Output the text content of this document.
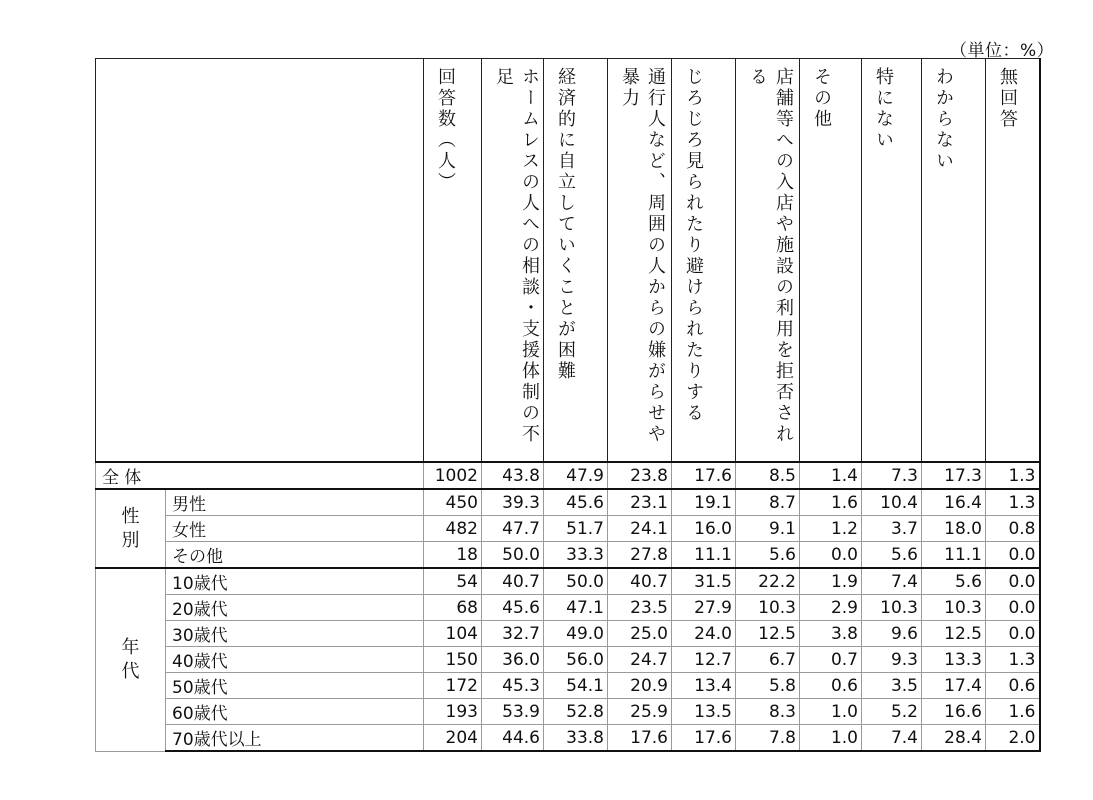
（単位：%）
		回答数（人）	ホームレスの人への相談・支援体制の不足	経済的に自立していくことが困難	通行人など、周囲の人からの嫌がらせや暴力	じろじろ見られたり避けられたりする	店舗等への入店や施設の利用を拒否される	その他	特にない	わからない	無回答
全 体		1002	43.8	47.9	23.8	17.6	8.5	1.4	7.3	17.3	1.3
性別	男性	450	39.3	45.6	23.1	19.1	8.7	1.6	10.4	16.4	1.3
	女性	482	47.7	51.7	24.1	16.0	9.1	1.2	3.7	18.0	0.8
	その他	18	50.0	33.3	27.8	11.1	5.6	0.0	5.6	11.1	0.0
年代	10歳代	54	40.7	50.0	40.7	31.5	22.2	1.9	7.4	5.6	0.0
	20歳代	68	45.6	47.1	23.5	27.9	10.3	2.9	10.3	10.3	0.0
	30歳代	104	32.7	49.0	25.0	24.0	12.5	3.8	9.6	12.5	0.0
	40歳代	150	36.0	56.0	24.7	12.7	6.7	0.7	9.3	13.3	1.3
	50歳代	172	45.3	54.1	20.9	13.4	5.8	0.6	3.5	17.4	0.6
	60歳代	193	53.9	52.8	25.9	13.5	8.3	1.0	5.2	16.6	1.6
	70歳代以上	204	44.6	33.8	17.6	17.6	7.8	1.0	7.4	28.4	2.0
